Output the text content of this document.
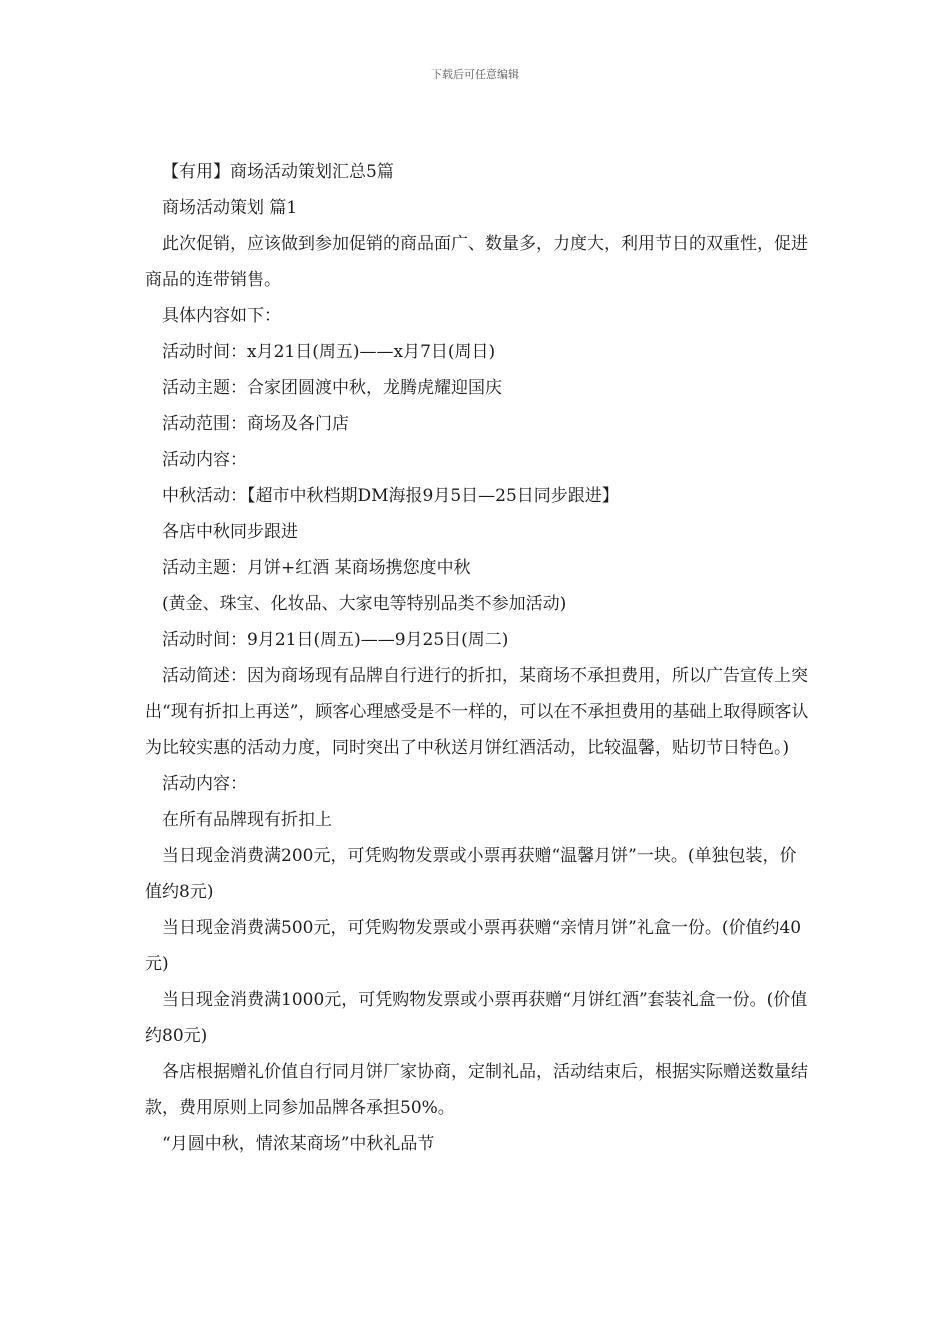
下载后可任意编辑

【有用】商场活动策划汇总5篇

商场活动策划 篇1

此次促销，应该做到参加促销的商品面广、数量多，力度大，利用节日的双重性，促进商品的连带销售。

具体内容如下：

活动时间：x月21日(周五)——x月7日(周日)

活动主题：合家团圆渡中秋，龙腾虎耀迎国庆

活动范围：商场及各门店

活动内容：

中秋活动：【超市中秋档期DM海报9月5日—25日同步跟进】

各店中秋同步跟进

活动主题：月饼+红酒 某商场携您度中秋

(黄金、珠宝、化妆品、大家电等特别品类不参加活动)

活动时间：9月21日(周五)——9月25日(周二)

活动简述：因为商场现有品牌自行进行的折扣，某商场不承担费用，所以广告宣传上突出“现有折扣上再送”，顾客心理感受是不一样的，可以在不承担费用的基础上取得顾客认为比较实惠的活动力度，同时突出了中秋送月饼红酒活动，比较温馨，贴切节日特色。)

活动内容：

在所有品牌现有折扣上

当日现金消费满200元，可凭购物发票或小票再获赠“温馨月饼”一块。(单独包装，价值约8元)

当日现金消费满500元，可凭购物发票或小票再获赠“亲情月饼”礼盒一份。(价值约40元)

当日现金消费满1000元，可凭购物发票或小票再获赠“月饼红酒”套装礼盒一份。(价值约80元)

各店根据赠礼价值自行同月饼厂家协商，定制礼品，活动结束后，根据实际赠送数量结款，费用原则上同参加品牌各承担50%。

“月圆中秋，情浓某商场”中秋礼品节
